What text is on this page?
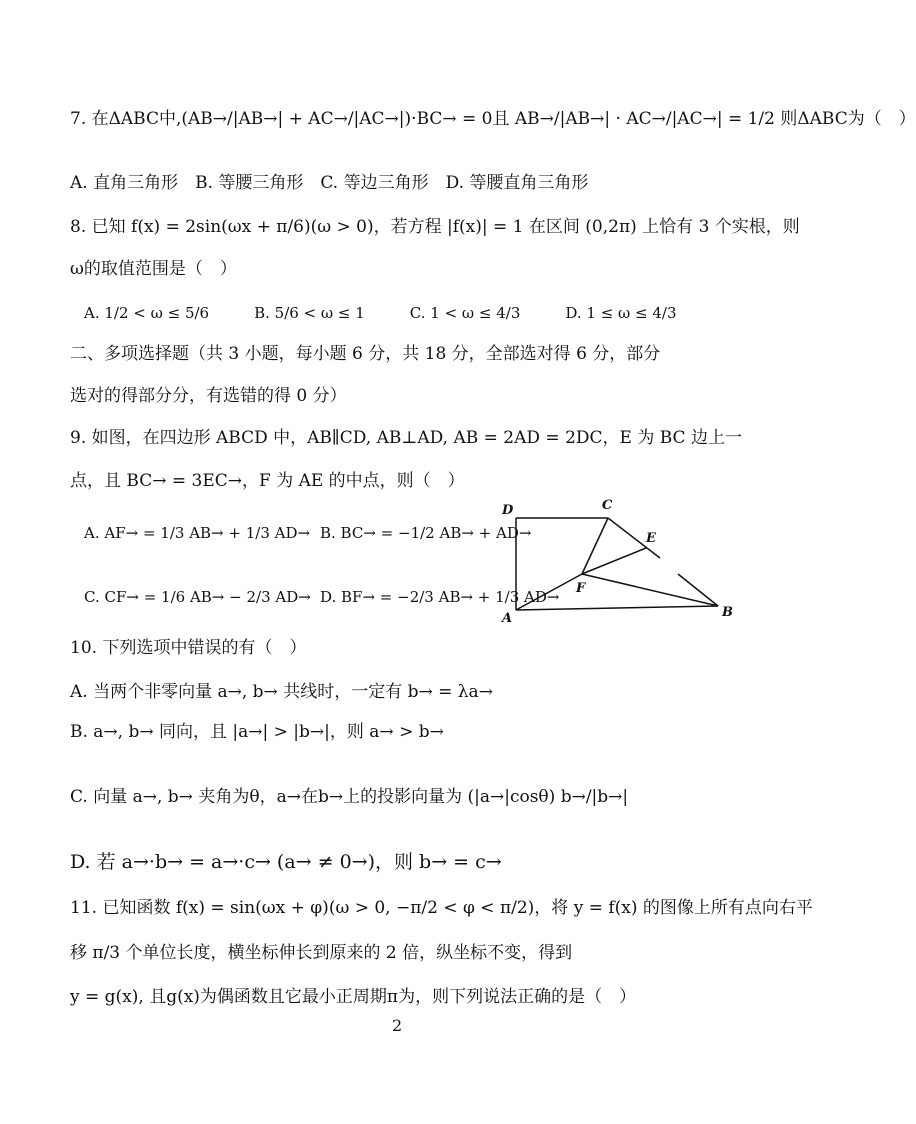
7. 在ΔABC中,(AB→/|AB→| + AC→/|AC→|)·BC→ = 0且 AB→/|AB→| · AC→/|AC→| = 1/2 则ΔABC为（　）
A. 直角三角形　B. 等腰三角形　C. 等边三角形　D. 等腰直角三角形
8. 已知 f(x) = 2sin(ωx + π/6)(ω > 0)，若方程 |f(x)| = 1 在区间 (0,2π) 上恰有 3 个实根，则
ω的取值范围是（　）
A. 1/2 < ω ≤ 5/6　　　B. 5/6 < ω ≤ 1　　　C. 1 < ω ≤ 4/3　　　D. 1 ≤ ω ≤ 4/3
二、多项选择题（共 3 小题，每小题 6 分，共 18 分，全部选对得 6 分，部分
选对的得部分分，有选错的得 0 分）
9. 如图，在四边形 ABCD 中，AB∥CD, AB⊥AD, AB = 2AD = 2DC，E 为 BC 边上一
点，且 BC→ = 3EC→，F 为 AE 的中点，则（　）
A. AF→ = 1/3 AB→ + 1/3 AD→ B. BC→ = −1/2 AB→ + AD→
C. CF→ = 1/6 AB→ − 2/3 AD→ D. BF→ = −2/3 AB→ + 1/3 AD→
D	C
E
F
A	B
10. 下列选项中错误的有（　）
A. 当两个非零向量 a→, b→ 共线时，一定有 b→ = λa→
B. a→, b→ 同向，且 |a→| > |b→|，则 a→ > b→
C. 向量 a→, b→ 夹角为θ，a→在b→上的投影向量为 (|a→|cosθ) b→/|b→|
D. 若 a→·b→ = a→·c→ (a→ ≠ 0→)，则 b→ = c→
11. 已知函数 f(x) = sin(ωx + φ)(ω > 0, −π/2 < φ < π/2)，将 y = f(x) 的图像上所有点向右平
移 π/3 个单位长度，横坐标伸长到原来的 2 倍，纵坐标不变，得到
y = g(x), 且g(x)为偶函数且它最小正周期π为，则下列说法正确的是（　）
2
